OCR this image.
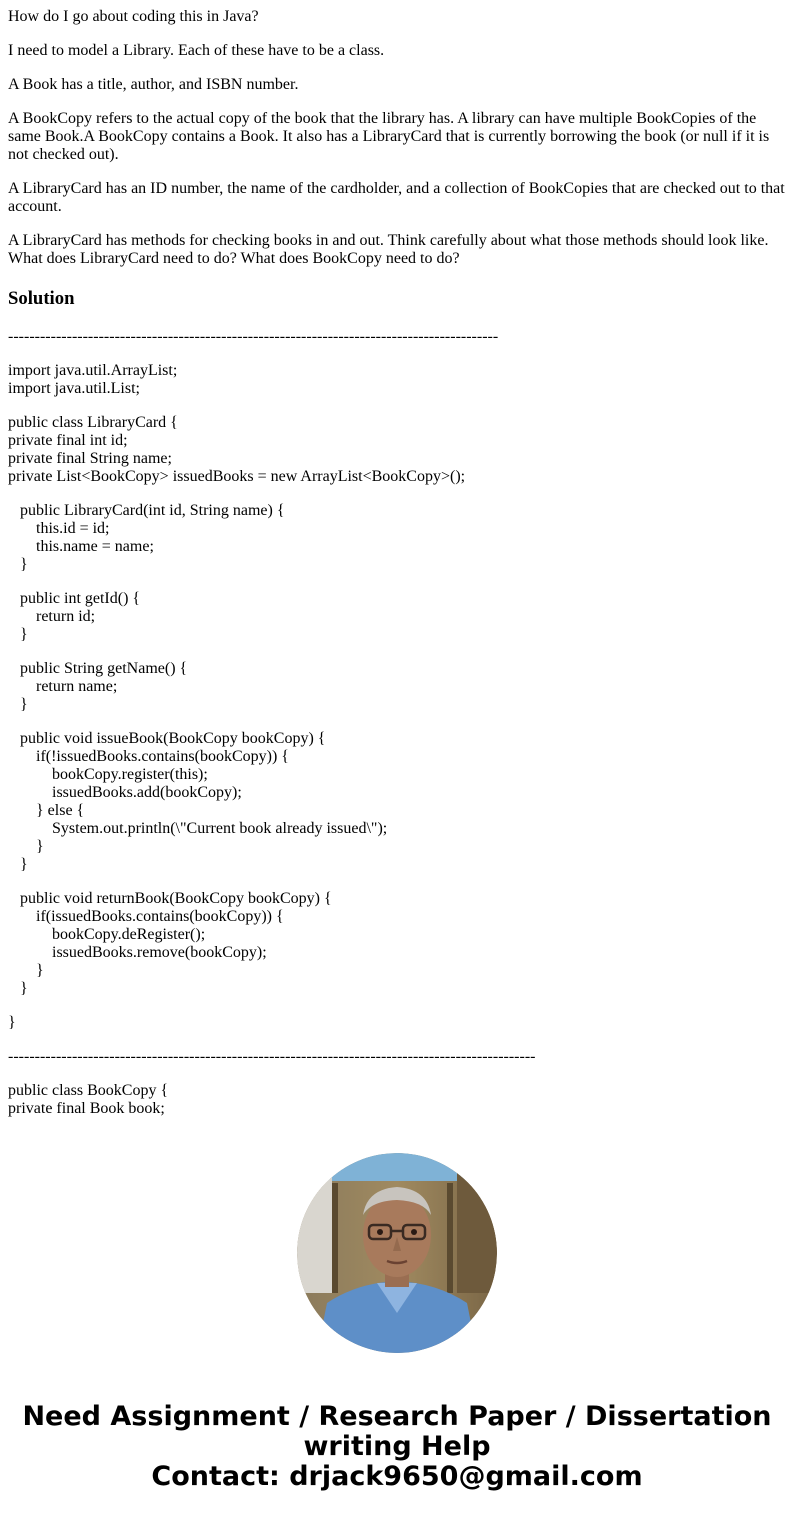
How do I go about coding this in Java?

I need to model a Library. Each of these have to be a class.

A Book has a title, author, and ISBN number.

A BookCopy refers to the actual copy of the book that the library has. A library can have multiple BookCopies of the same Book.A BookCopy contains a Book. It also has a LibraryCard that is currently borrowing the book (or null if it is not checked out).

A LibraryCard has an ID number, the name of the cardholder, and a collection of BookCopies that are checked out to that account.

A LibraryCard has methods for checking books in and out. Think carefully about what those methods should look like. What does LibraryCard need to do? What does BookCopy need to do?

Solution
--------------------------------------------------------------------------------------------
import java.util.ArrayList;
import java.util.List;
public class LibraryCard {
private final int id;
private final String name;
private List<BookCopy> issuedBooks = new ArrayList<BookCopy>();
public LibraryCard(int id, String name) {
this.id = id;
this.name = name;
}
public int getId() {
return id;
}
public String getName() {
return name;
}
public void issueBook(BookCopy bookCopy) {
if(!issuedBooks.contains(bookCopy)) {
bookCopy.register(this);
issuedBooks.add(bookCopy);
} else {
System.out.println(\"Current book already issued\");
}
}
public void returnBook(BookCopy bookCopy) {
if(issuedBooks.contains(bookCopy)) {
bookCopy.deRegister();
issuedBooks.remove(bookCopy);
}
}
}
---------------------------------------------------------------------------------------------------
public class BookCopy {
private final Book book;
Need Assignment / Research Paper / Dissertation
writing Help
Contact: drjack9650@gmail.com
